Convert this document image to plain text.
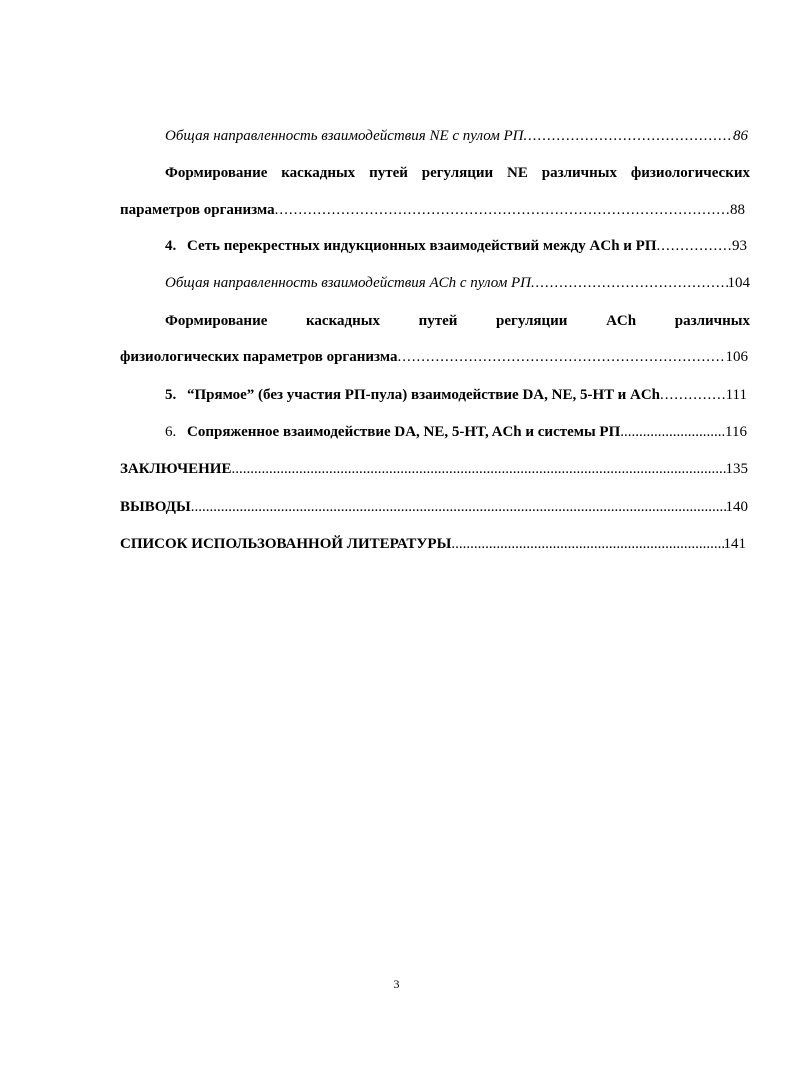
Общая направленность взаимодействия NE с пулом РП .....	86
Формирование каскадных путей регуляции NE различных физиологических
параметров организма .....	88
4. Сеть перекрестных индукционных взаимодействий между ACh и РП .....	93
Общая направленность взаимодействия ACh с пулом РП .....	104
Формирование	каскадных	путей	регуляции	ACh	различных
физиологических параметров организма .....	106
5. “Прямое” (без участия РП-пула) взаимодействие DA, NE, 5-HT и ACh .....	111
6. Сопряженное взаимодействие DA, NE, 5-HT, ACh и системы РП .....	116
ЗАКЛЮЧЕНИЕ .....	135
ВЫВОДЫ .....	140
СПИСОК ИСПОЛЬЗОВАННОЙ ЛИТЕРАТУРЫ .....	141
3
